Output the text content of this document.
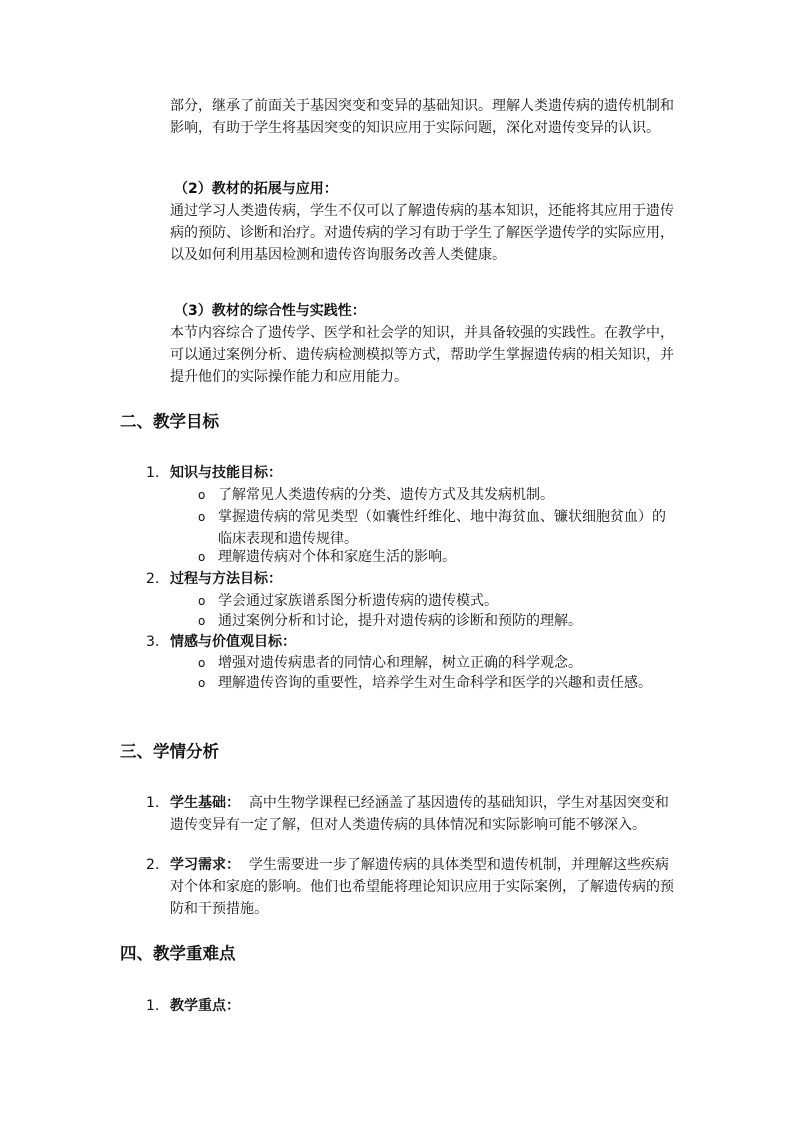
部分，继承了前面关于基因突变和变异的基础知识。理解人类遗传病的遗传机制和影响，有助于学生将基因突变的知识应用于实际问题，深化对遗传变异的认识。
（2）教材的拓展与应用：
通过学习人类遗传病，学生不仅可以了解遗传病的基本知识，还能将其应用于遗传病的预防、诊断和治疗。对遗传病的学习有助于学生了解医学遗传学的实际应用，以及如何利用基因检测和遗传咨询服务改善人类健康。
（3）教材的综合性与实践性：
本节内容综合了遗传学、医学和社会学的知识，并具备较强的实践性。在教学中，可以通过案例分析、遗传病检测模拟等方式，帮助学生掌握遗传病的相关知识，并提升他们的实际操作能力和应用能力。
二、教学目标
1. 知识与技能目标：
o 了解常见人类遗传病的分类、遗传方式及其发病机制。
o 掌握遗传病的常见类型（如囊性纤维化、地中海贫血、镰状细胞贫血）的临床表现和遗传规律。
o 理解遗传病对个体和家庭生活的影响。
2. 过程与方法目标：
o 学会通过家族谱系图分析遗传病的遗传模式。
o 通过案例分析和讨论，提升对遗传病的诊断和预防的理解。
3. 情感与价值观目标：
o 增强对遗传病患者的同情心和理解，树立正确的科学观念。
o 理解遗传咨询的重要性，培养学生对生命科学和医学的兴趣和责任感。
三、学情分析
1. 学生基础： 高中生物学课程已经涵盖了基因遗传的基础知识，学生对基因突变和遗传变异有一定了解，但对人类遗传病的具体情况和实际影响可能不够深入。
2. 学习需求： 学生需要进一步了解遗传病的具体类型和遗传机制，并理解这些疾病对个体和家庭的影响。他们也希望能将理论知识应用于实际案例，了解遗传病的预防和干预措施。
四、教学重难点
1. 教学重点：
